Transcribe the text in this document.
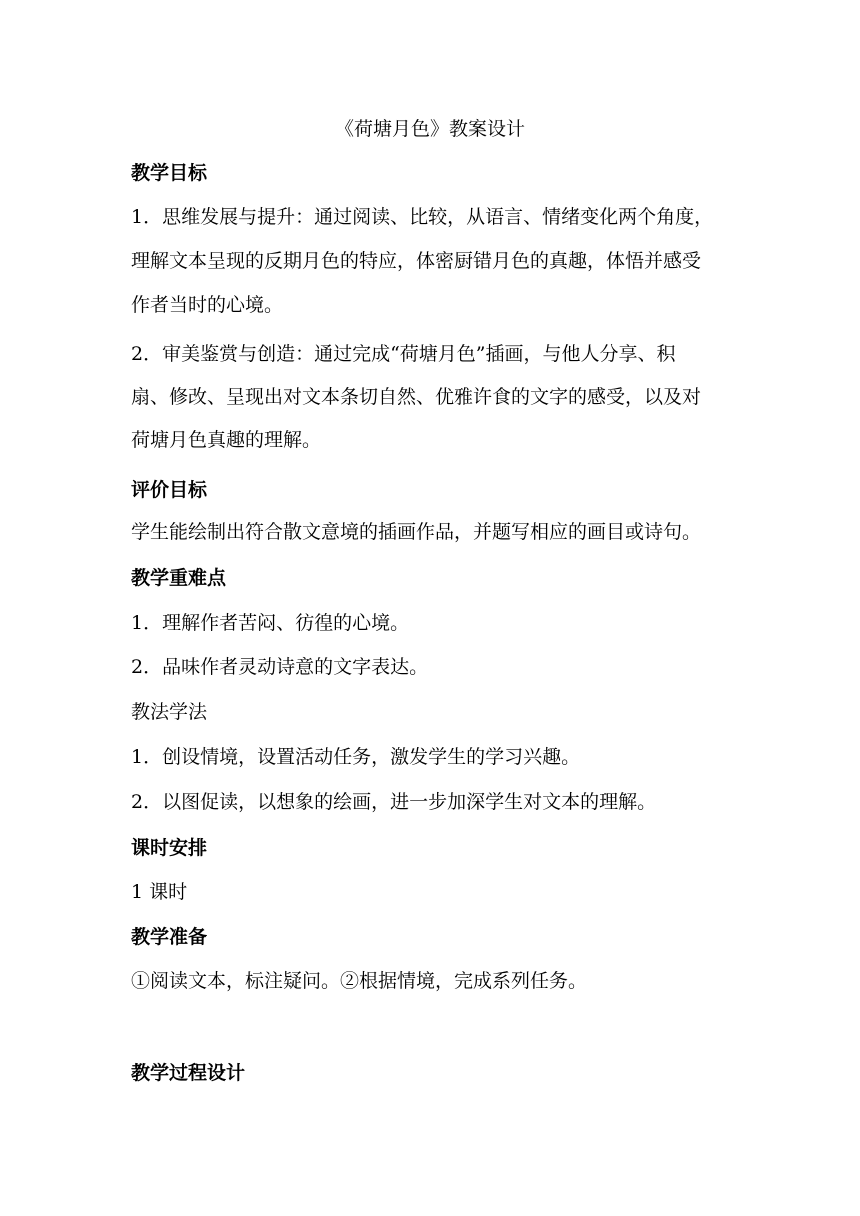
《荷塘月色》教案设计
教学目标
1．思维发展与提升：通过阅读、比较，从语言、情绪变化两个角度，
理解文本呈现的反期月色的特应，体密厨错月色的真趣，体悟并感受
作者当时的心境。
2．审美鉴赏与创造：通过完成“荷塘月色”插画，与他人分享、积
扇、修改、呈现出对文本条切自然、优雅许食的文字的感受，以及对
荷塘月色真趣的理解。
评价目标
学生能绘制出符合散文意境的插画作品，并题写相应的画目或诗句。
教学重难点
1．理解作者苦闷、彷徨的心境。
2．品味作者灵动诗意的文字表达。
教法学法
1．创设情境，设置活动任务，激发学生的学习兴趣。
2．以图促读，以想象的绘画，进一步加深学生对文本的理解。
课时安排
1 课时
教学准备
①阅读文本，标注疑问。②根据情境，完成系列任务。
教学过程设计
